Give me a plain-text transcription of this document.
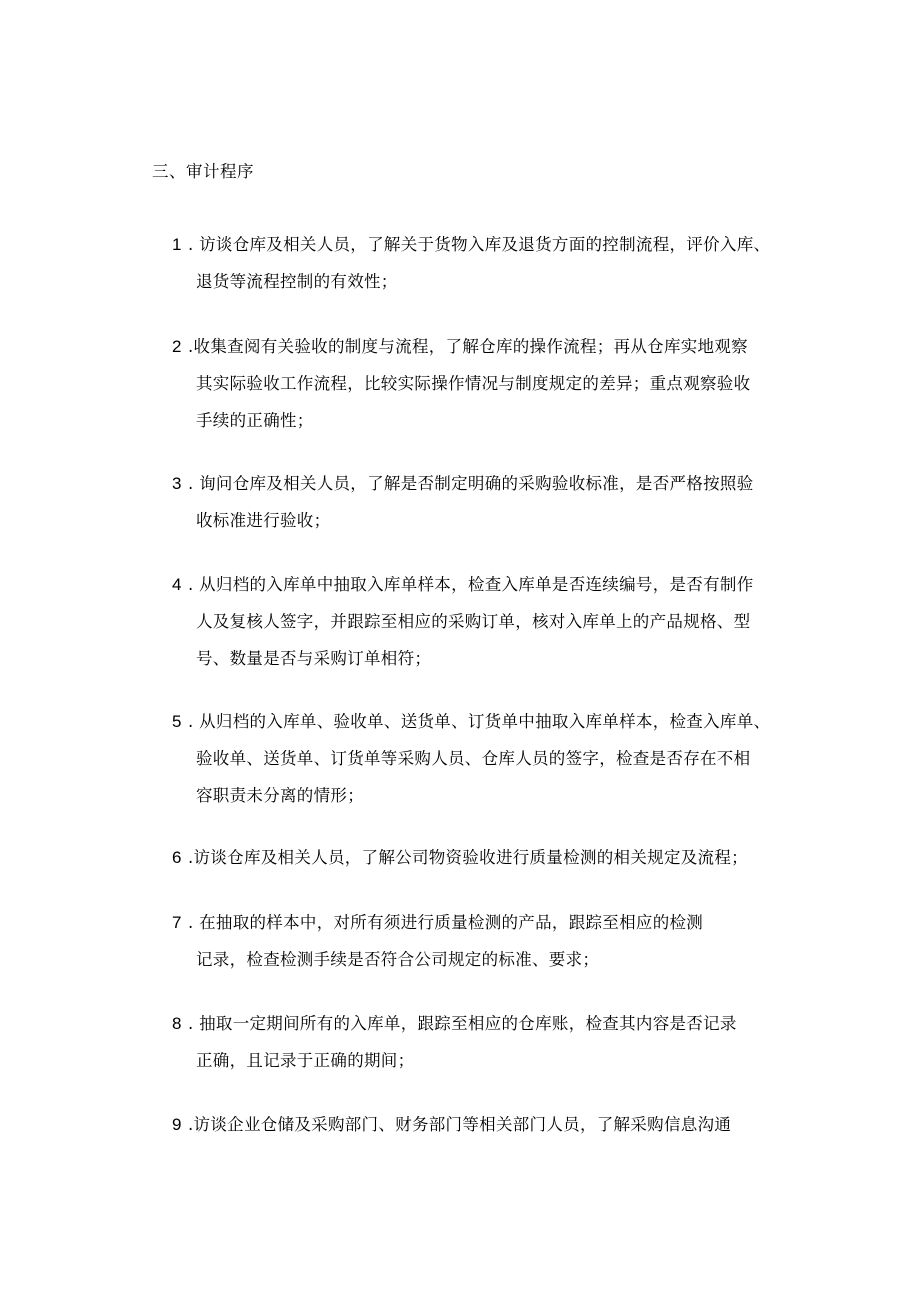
三、审计程序
1 . 访谈仓库及相关人员，了解关于货物入库及退货方面的控制流程，评价入库、
退货等流程控制的有效性；
2 .收集查阅有关验收的制度与流程，了解仓库的操作流程；再从仓库实地观察
其实际验收工作流程，比较实际操作情况与制度规定的差异；重点观察验收
手续的正确性；
3 . 询问仓库及相关人员，了解是否制定明确的采购验收标准，是否严格按照验
收标准进行验收；
4 . 从归档的入库单中抽取入库单样本，检查入库单是否连续编号，是否有制作
人及复核人签字，并跟踪至相应的采购订单，核对入库单上的产品规格、型
号、数量是否与采购订单相符；
5 . 从归档的入库单、验收单、送货单、订货单中抽取入库单样本，检查入库单、
验收单、送货单、订货单等采购人员、仓库人员的签字，检查是否存在不相
容职责未分离的情形；
6 .访谈仓库及相关人员，了解公司物资验收进行质量检测的相关规定及流程；
7 . 在抽取的样本中，对所有须进行质量检测的产品，跟踪至相应的检测
记录，检查检测手续是否符合公司规定的标准、要求；
8 . 抽取一定期间所有的入库单，跟踪至相应的仓库账，检查其内容是否记录
正确，且记录于正确的期间；
9 .访谈企业仓储及采购部门、财务部门等相关部门人员，了解采购信息沟通
